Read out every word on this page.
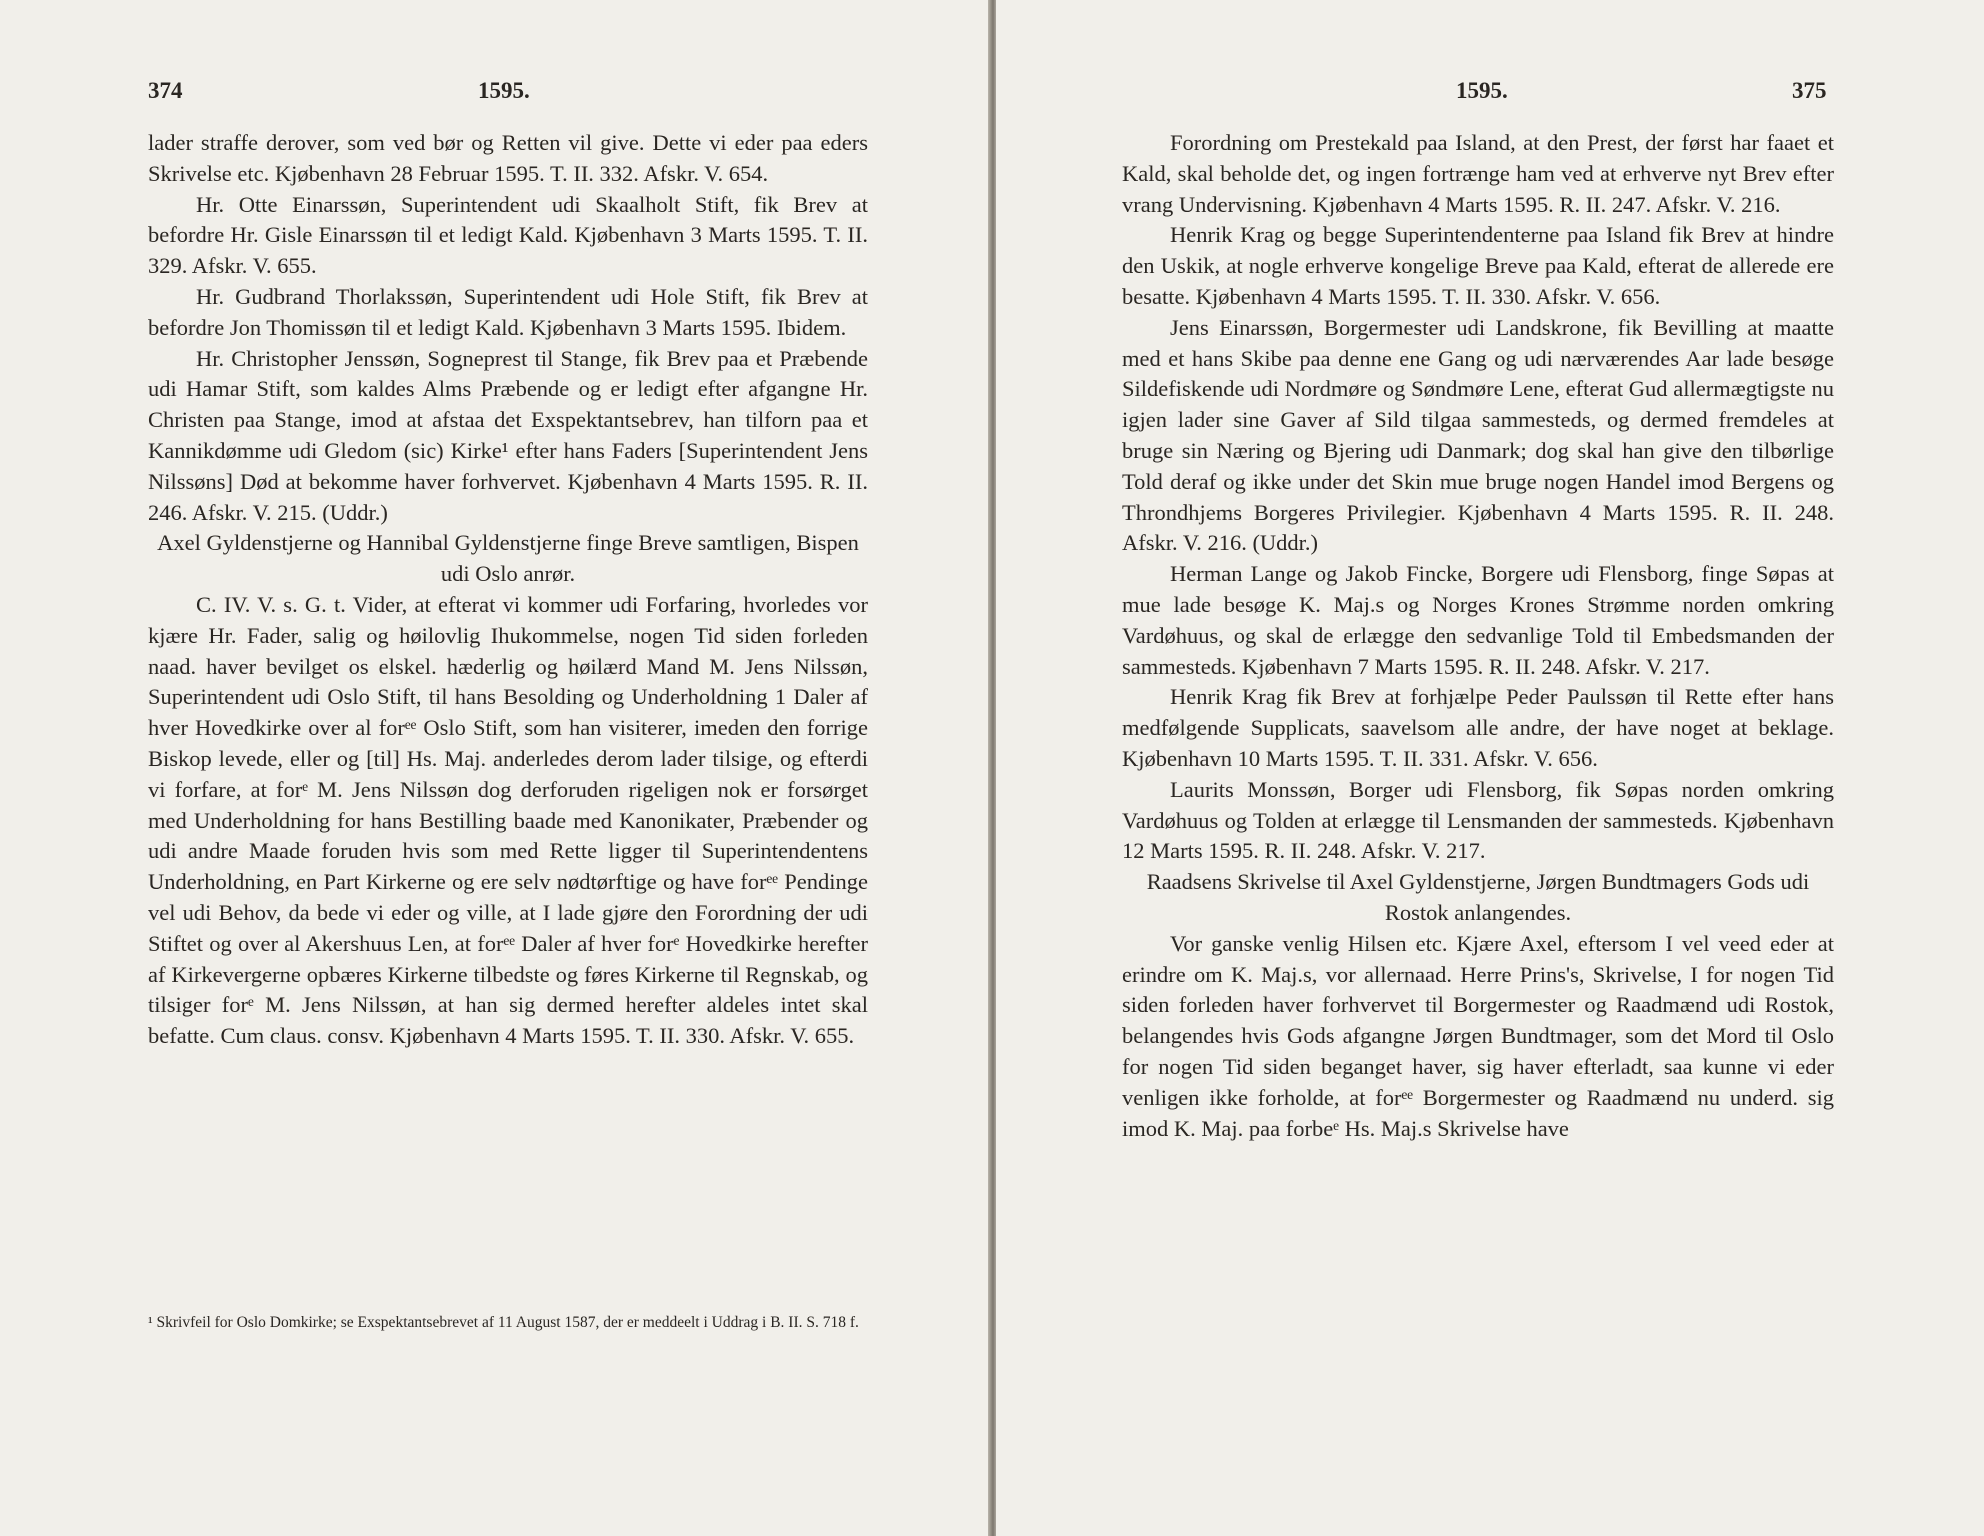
374	1595.

lader straffe derover, som ved bør og Retten vil give. Dette vi eder paa eders Skrivelse etc. Kjøbenhavn 28 Februar 1595. T. II. 332. Afskr. V. 654.

Hr. Otte Einarssøn, Superintendent udi Skaalholt Stift, fik Brev at befordre Hr. Gisle Einarssøn til et ledigt Kald. Kjøbenhavn 3 Marts 1595. T. II. 329. Afskr. V. 655.

Hr. Gudbrand Thorlakssøn, Superintendent udi Hole Stift, fik Brev at befordre Jon Thomissøn til et ledigt Kald. Kjøbenhavn 3 Marts 1595. Ibidem.

Hr. Christopher Jenssøn, Sogneprest til Stange, fik Brev paa et Præbende udi Hamar Stift, som kaldes Alms Præbende og er ledigt efter afgangne Hr. Christen paa Stange, imod at afstaa det Exspektantsebrev, han tilforn paa et Kannikdømme udi Gledom (sic) Kirke¹ efter hans Faders [Superintendent Jens Nilssøns] Død at bekomme haver forhvervet. Kjøbenhavn 4 Marts 1595. R. II. 246. Afskr. V. 215. (Uddr.)

Axel Gyldenstjerne og Hannibal Gyldenstjerne finge Breve samtligen, Bispen udi Oslo anrør.

C. IV. V. s. G. t. Vider, at efterat vi kommer udi Forfaring, hvorledes vor kjære Hr. Fader, salig og høilovlig Ihukommelse, nogen Tid siden forleden naad. haver bevilget os elskel. hæderlig og høilærd Mand M. Jens Nilssøn, Superintendent udi Oslo Stift, til hans Besolding og Underholdning 1 Daler af hver Hovedkirke over al forᵉᵉ Oslo Stift, som han visiterer, imeden den forrige Biskop levede, eller og [til] Hs. Maj. anderledes derom lader tilsige, og efterdi vi forfare, at forᵉ M. Jens Nilssøn dog derforuden rigeligen nok er forsørget med Underholdning for hans Bestilling baade med Kanonikater, Præbender og udi andre Maade foruden hvis som med Rette ligger til Superintendentens Underholdning, en Part Kirkerne og ere selv nødtørftige og have forᵉᵉ Pendinge vel udi Behov, da bede vi eder og ville, at I lade gjøre den Forordning der udi Stiftet og over al Akershuus Len, at forᵉᵉ Daler af hver forᵉ Hovedkirke herefter af Kirkevergerne opbæres Kirkerne tilbedste og føres Kirkerne til Regnskab, og tilsiger forᵉ M. Jens Nilssøn, at han sig dermed herefter aldeles intet skal befatte. Cum claus. consv. Kjøbenhavn 4 Marts 1595. T. II. 330. Afskr. V. 655.

¹ Skrivfeil for Oslo Domkirke; se Exspektantsebrevet af 11 August 1587, der er meddeelt i Uddrag i B. II. S. 718 f.
1595.	375

Forordning om Prestekald paa Island, at den Prest, der først har faaet et Kald, skal beholde det, og ingen fortrænge ham ved at erhverve nyt Brev efter vrang Undervisning. Kjøbenhavn 4 Marts 1595. R. II. 247. Afskr. V. 216.

Henrik Krag og begge Superintendenterne paa Island fik Brev at hindre den Uskik, at nogle erhverve kongelige Breve paa Kald, efterat de allerede ere besatte. Kjøbenhavn 4 Marts 1595. T. II. 330. Afskr. V. 656.

Jens Einarssøn, Borgermester udi Landskrone, fik Bevilling at maatte med et hans Skibe paa denne ene Gang og udi nærværendes Aar lade besøge Sildefiskende udi Nordmøre og Søndmøre Lene, efterat Gud allermægtigste nu igjen lader sine Gaver af Sild tilgaa sammesteds, og dermed fremdeles at bruge sin Næring og Bjering udi Danmark; dog skal han give den tilbørlige Told deraf og ikke under det Skin mue bruge nogen Handel imod Bergens og Throndhjems Borgeres Privilegier. Kjøbenhavn 4 Marts 1595. R. II. 248. Afskr. V. 216. (Uddr.)

Herman Lange og Jakob Fincke, Borgere udi Flensborg, finge Søpas at mue lade besøge K. Maj.s og Norges Krones Strømme norden omkring Vardøhuus, og skal de erlægge den sedvanlige Told til Embedsmanden der sammesteds. Kjøbenhavn 7 Marts 1595. R. II. 248. Afskr. V. 217.

Henrik Krag fik Brev at forhjælpe Peder Paulssøn til Rette efter hans medfølgende Supplicats, saavelsom alle andre, der have noget at beklage. Kjøbenhavn 10 Marts 1595. T. II. 331. Afskr. V. 656.

Laurits Monssøn, Borger udi Flensborg, fik Søpas norden omkring Vardøhuus og Tolden at erlægge til Lensmanden der sammesteds. Kjøbenhavn 12 Marts 1595. R. II. 248. Afskr. V. 217.

Raadsens Skrivelse til Axel Gyldenstjerne, Jørgen Bundtmagers Gods udi Rostok anlangendes.

Vor ganske venlig Hilsen etc. Kjære Axel, eftersom I vel veed eder at erindre om K. Maj.s, vor allernaad. Herre Prins's, Skrivelse, I for nogen Tid siden forleden haver forhvervet til Borgermester og Raadmænd udi Rostok, belangendes hvis Gods afgangne Jørgen Bundtmager, som det Mord til Oslo for nogen Tid siden beganget haver, sig haver efterladt, saa kunne vi eder venligen ikke forholde, at forᵉᵉ Borgermester og Raadmænd nu underd. sig imod K. Maj. paa forbeᵉ Hs. Maj.s Skrivelse have
